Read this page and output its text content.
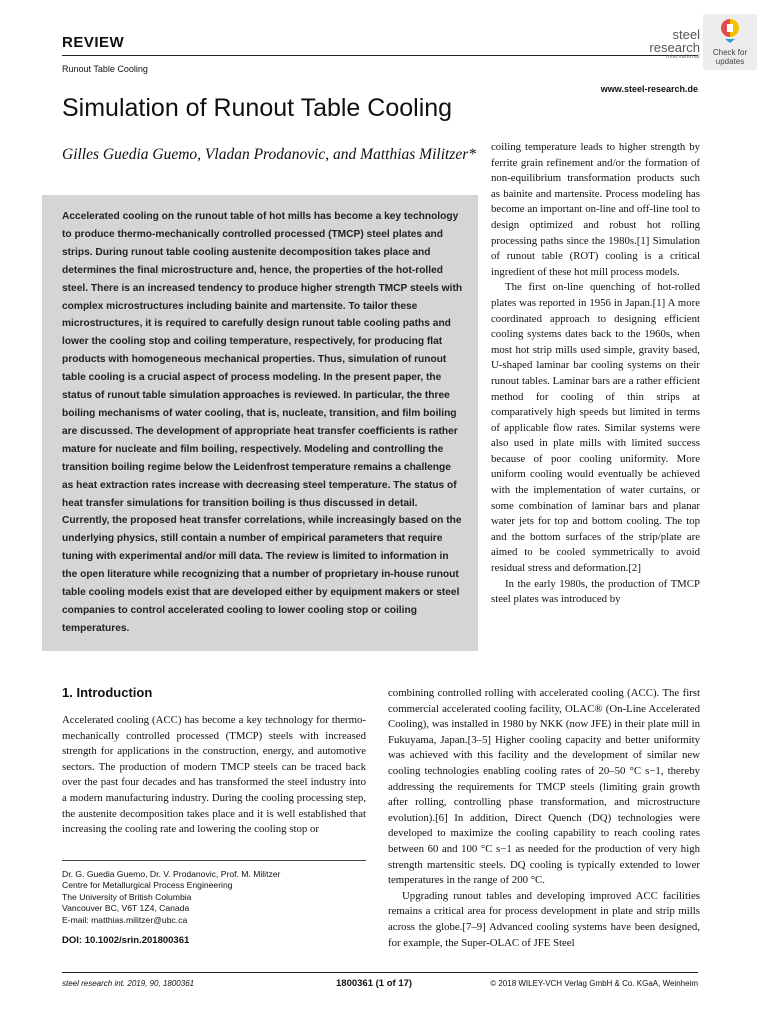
REVIEW
Runout Table Cooling
www.steel-research.de
steel
research
international	Check for
updates
Simulation of Runout Table Cooling
Gilles Guedia Guemo, Vladan Prodanovic, and Matthias Militzer*

Accelerated cooling on the runout table of hot mills has become a key technology to produce thermo-mechanically controlled processed (TMCP) steel plates and strips. During runout table cooling austenite decomposition takes place and determines the final microstructure and, hence, the properties of the hot-rolled steel. There is an increased tendency to produce higher strength TMCP steels with complex microstructures including bainite and martensite. To tailor these microstructures, it is required to carefully design runout table cooling paths and lower the cooling stop and coiling temperature, respectively, for producing flat products with homogeneous mechanical properties. Thus, simulation of runout table cooling is a crucial aspect of process modeling. In the present paper, the status of runout table simulation approaches is reviewed. In particular, the three boiling mechanisms of water cooling, that is, nucleate, transition, and film boiling are discussed. The development of appropriate heat transfer coefficients is rather mature for nucleate and film boiling, respectively. Modeling and controlling the transition boiling regime below the Leidenfrost temperature remains a challenge as heat extraction rates increase with decreasing steel temperature. The status of heat transfer simulations for transition boiling is thus discussed in detail. Currently, the proposed heat transfer correlations, while increasingly based on the underlying physics, still contain a number of empirical parameters that require tuning with experimental and/or mill data. The review is limited to information in the open literature while recognizing that a number of proprietary in-house runout table cooling models exist that are developed either by equipment makers or steel companies to control accelerated cooling to lower cooling stop or coiling temperatures.

coiling temperature leads to higher strength by ferrite grain refinement and/or the formation of non-equilibrium transformation products such as bainite and martensite. Process modeling has become an important on-line and off-line tool to design optimized and robust hot rolling processing paths since the 1980s.[1] Simulation of runout table (ROT) cooling is a critical ingredient of these hot mill process models.

The first on-line quenching of hot-rolled plates was reported in 1956 in Japan.[1] A more coordinated approach to designing efficient cooling systems dates back to the 1960s, when most hot strip mills used simple, gravity based, U-shaped laminar bar cooling systems on their runout tables. Laminar bars are a rather efficient method for cooling of thin strips at comparatively high speeds but limited in terms of applicable flow rates. Similar systems were also used in plate mills with limited success because of poor cooling uniformity. More uniform cooling would eventually be achieved with the implementation of water curtains, or some combination of laminar bars and planar water jets for top and bottom cooling. The top and the bottom surfaces of the strip/plate are aimed to be cooled symmetrically to avoid residual stress and deformation.[2]

In the early 1980s, the production of TMCP steel plates was introduced by

1. Introduction

Accelerated cooling (ACC) has become a key technology for thermo-mechanically controlled processed (TMCP) steels with increased strength for applications in the construction, energy, and automotive sectors. The production of modern TMCP steels can be traced back over the past four decades and has transformed the steel industry into a modern manufacturing industry. During the cooling processing step, the austenite decomposition takes place and it is well established that increasing the cooling rate and lowering the cooling stop or

combining controlled rolling with accelerated cooling (ACC). The first commercial accelerated cooling facility, OLAC® (On-Line Accelerated Cooling), was installed in 1980 by NKK (now JFE) in their plate mill in Fukuyama, Japan.[3–5] Higher cooling capacity and better uniformity was achieved with this facility and the development of similar new cooling technologies enabling cooling rates of 20–50 °C s−1, thereby addressing the requirements for TMCP steels (limiting grain growth after rolling, controlling phase transformation, and microstructure evolution).[6] In addition, Direct Quench (DQ) technologies were developed to maximize the cooling capability to reach cooling rates between 60 and 100 °C s−1 as needed for the production of very high strength martensitic steels. DQ cooling is typically extended to lower temperatures in the range of 200 °C.

Upgrading runout tables and developing improved ACC facilities remains a critical area for process development in plate and strip mills across the globe.[7–9] Advanced cooling systems have been designed, for example, the Super-OLAC of JFE Steel

Dr. G. Guedia Guemo, Dr. V. Prodanovic, Prof. M. Militzer
Centre for Metallurgical Process Engineering
The University of British Columbia
Vancouver BC, V6T 1Z4, Canada
E-mail: matthias.militzer@ubc.ca
DOI: 10.1002/srin.201800361
steel research int. 2019, 90, 1800361	1800361 (1 of 17)	© 2018 WILEY-VCH Verlag GmbH & Co. KGaA, Weinheim
